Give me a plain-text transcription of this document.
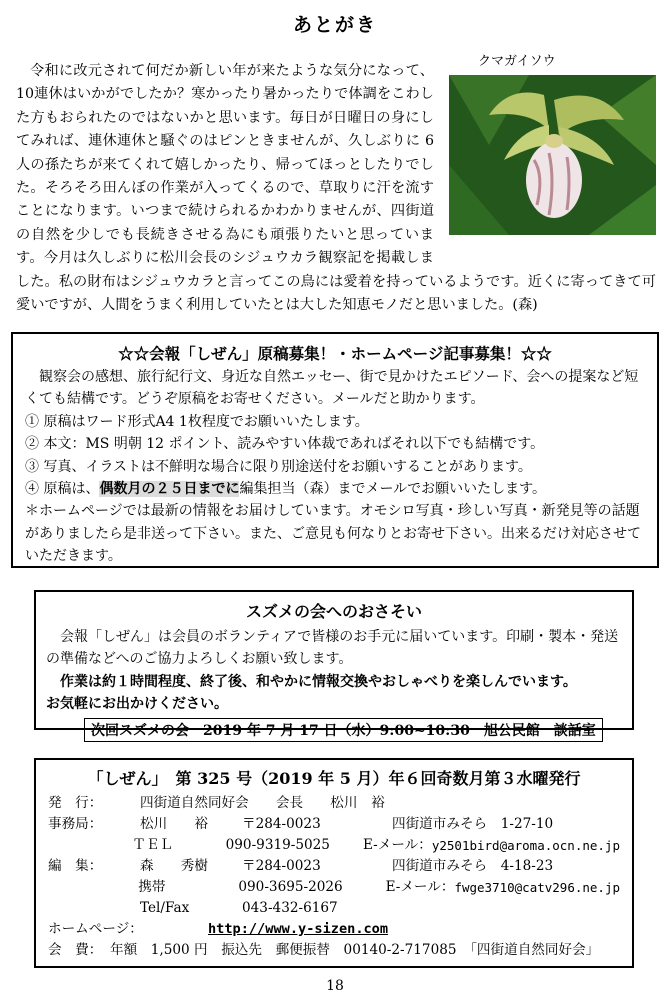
あとがき
クマガイソウ

令和に改元されて何だか新しい年が来たような気分になって、10連休はいかがでしたか？寒かったり暑かったりで体調をこわした方もおられたのではないかと思います。毎日が日曜日の身にしてみれば、連休連休と騒ぐのはピンときませんが、久しぶりに 6 人の孫たちが来てくれて嬉しかったり、帰ってほっとしたりでした。そろそろ田んぼの作業が入ってくるので、草取りに汗を流すことになります。いつまで続けられるかわかりませんが、四街道の自然を少しでも長続きさせる為にも頑張りたいと思っています。今月は久しぶりに松川会長のシジュウカラ観察記を掲載しました。私の財布はシジュウカラと言ってこの鳥には愛着を持っているようです。近くに寄ってきて可愛いですが、人間をうまく利用していたとは大した知恵モノだと思いました。(森)

☆☆会報「しぜん」原稿募集！・ホームページ記事募集！☆☆

観察会の感想、旅行紀行文、身近な自然エッセー、街で見かけたエピソード、会への提案など短くても結構です。どうぞ原稿をお寄せください。メールだと助かります。

① 原稿はワード形式A4 1枚程度でお願いいたします。
② 本文：MS 明朝 12 ポイント、読みやすい体裁であればそれ以下でも結構です。
③ 写真、イラストは不鮮明な場合に限り別途送付をお願いすることがあります。
④ 原稿は、偶数月の２５日までに編集担当（森）までメールでお願いいたします。

＊ホームページでは最新の情報をお届けしています。オモシロ写真・珍しい写真・新発見等の話題がありましたら是非送って下さい。また、ご意見も何なりとお寄せ下さい。出来るだけ対応させていただきます。

スズメの会へのおさそい

会報「しぜん」は会員のボランティアで皆様のお手元に届いています。印刷・製本・発送の準備などへのご協力よろしくお願い致します。

作業は約１時間程度、終了後、和やかに情報交換やおしゃべりを楽しんでいます。

お気軽にお出かけください。

次回スズメの会　2019 年 7 月 17 日（水）9:00~10:30　旭公民館　談話室
「しぜん」　第 325 号（2019 年 5 月）年６回奇数月第３水曜発行
発　行：	四街道自然同好会　　会長　　松川　裕
事務局：	松川　　裕	〒284-0023	四街道市みそら　1-27-10
ＴＥＬ	090-9319-5025	E-メール： y2501bird@aroma.ocn.ne.jp
編　集：	森　　秀樹	〒284-0023	四街道市みそら　4-18-23
携帯	090-3695-2026	E-メール： fwge3710@catv296.ne.jp
Tel/Fax	043-432-6167
ホームページ：	http://www.y-sizen.com
会　費： 年額　1,500 円　振込先　郵便振替　00140-2-717085　「四街道自然同好会」
18
